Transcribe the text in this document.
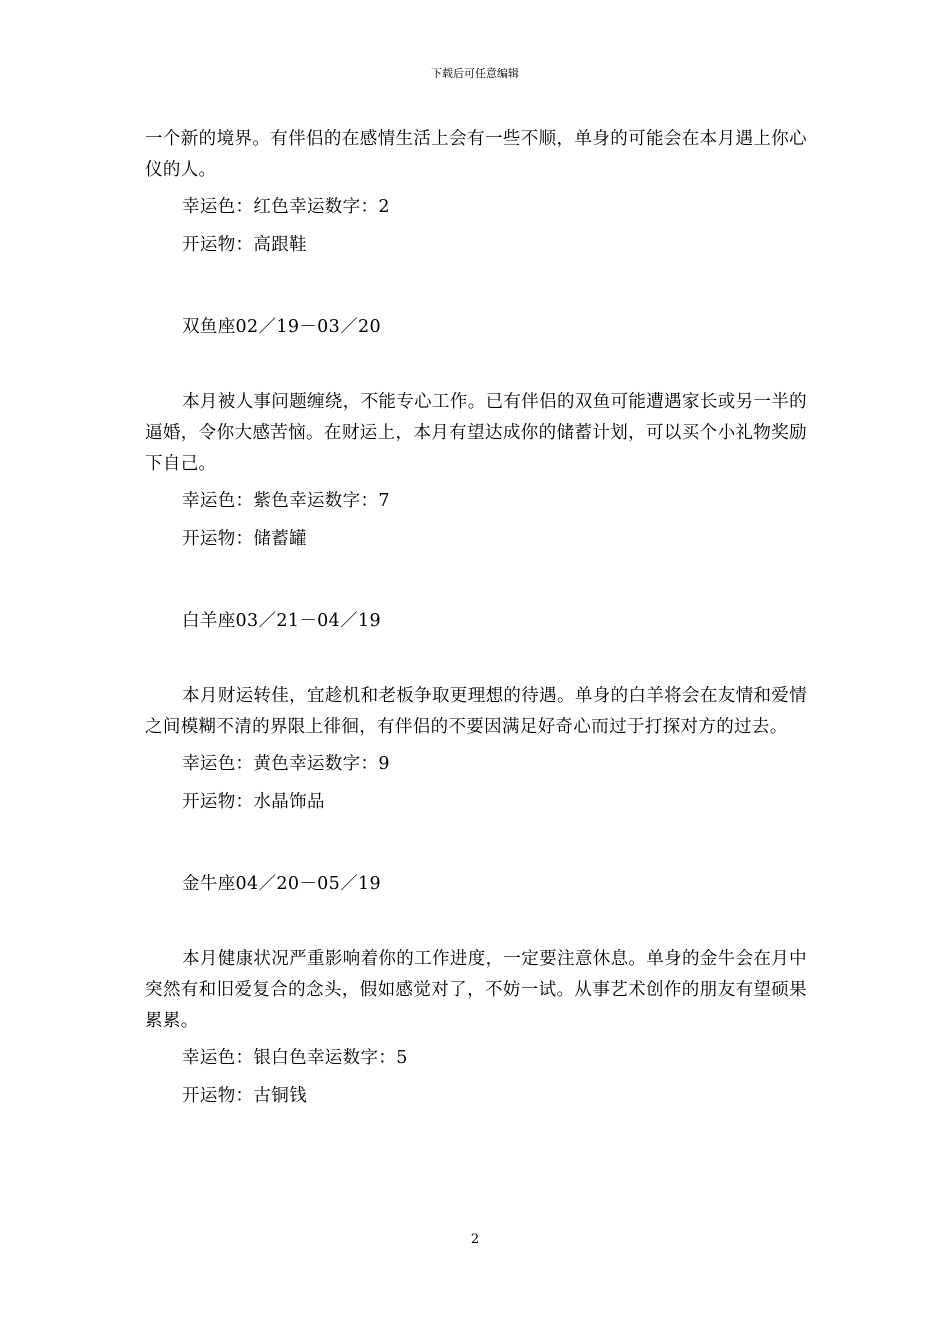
下载后可任意编辑

一个新的境界。有伴侣的在感情生活上会有一些不顺，单身的可能会在本月遇上你心仪的人。

幸运色：红色幸运数字：2

开运物：高跟鞋

双鱼座02／19－03／20

本月被人事问题缠绕，不能专心工作。已有伴侣的双鱼可能遭遇家长或另一半的逼婚，令你大感苦恼。在财运上，本月有望达成你的储蓄计划，可以买个小礼物奖励下自己。

幸运色：紫色幸运数字：7

开运物：储蓄罐

白羊座03／21－04／19

本月财运转佳，宜趁机和老板争取更理想的待遇。单身的白羊将会在友情和爱情之间模糊不清的界限上徘徊，有伴侣的不要因满足好奇心而过于打探对方的过去。

幸运色：黄色幸运数字：9

开运物：水晶饰品

金牛座04／20－05／19

本月健康状况严重影响着你的工作进度，一定要注意休息。单身的金牛会在月中突然有和旧爱复合的念头，假如感觉对了，不妨一试。从事艺术创作的朋友有望硕果累累。

幸运色：银白色幸运数字：5

开运物：古铜钱

2
